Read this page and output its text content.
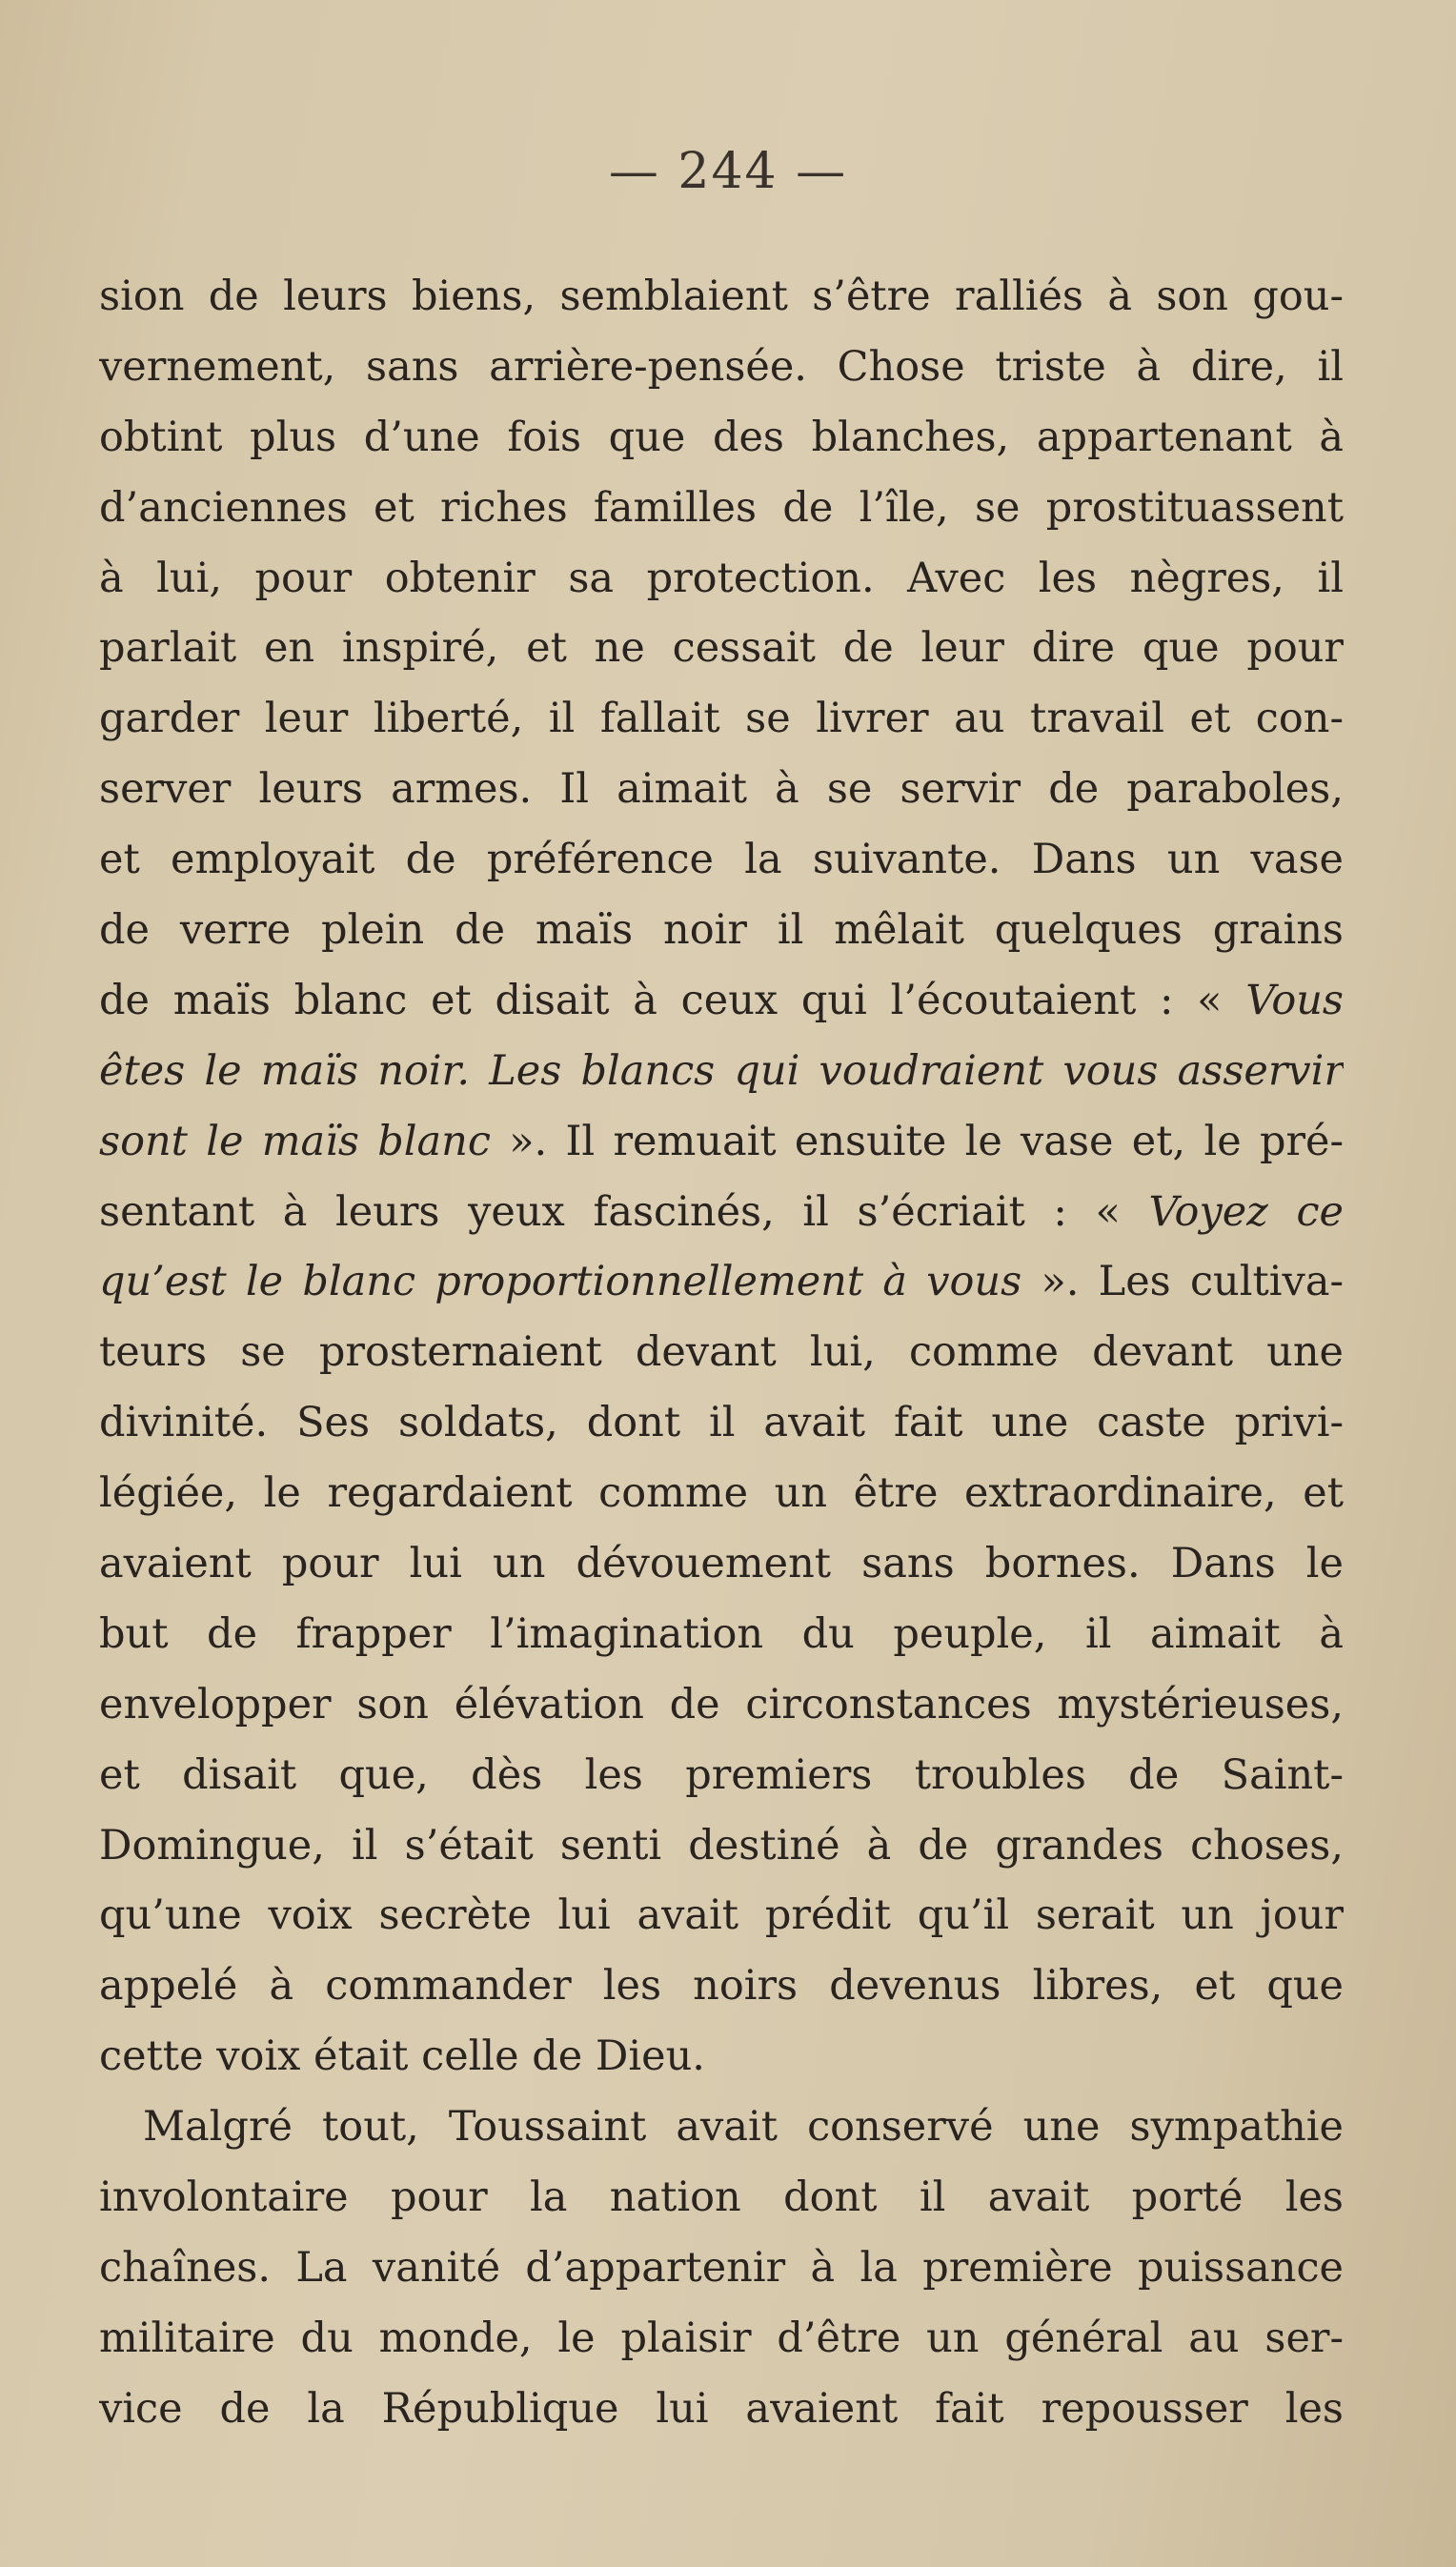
— 244 —
sion de leurs biens, semblaient s’être ralliés à son gou-
vernement, sans arrière-pensée. Chose triste à dire, il
obtint plus d’une fois que des blanches, appartenant à
d’anciennes et riches familles de l’île, se prostituassent
à lui, pour obtenir sa protection. Avec les nègres, il
parlait en inspiré, et ne cessait de leur dire que pour
garder leur liberté, il fallait se livrer au travail et con-
server leurs armes. Il aimait à se servir de paraboles,
et employait de préférence la suivante. Dans un vase
de verre plein de maïs noir il mêlait quelques grains
de maïs blanc et disait à ceux qui l’écoutaient : « Vous
êtes le maïs noir. Les blancs qui voudraient vous asservir
sont le maïs blanc ». Il remuait ensuite le vase et, le pré-
sentant à leurs yeux fascinés, il s’écriait : « Voyez ce
qu’est le blanc proportionnellement à vous ». Les cultiva-
teurs se prosternaient devant lui, comme devant une
divinité. Ses soldats, dont il avait fait une caste privi-
légiée, le regardaient comme un être extraordinaire, et
avaient pour lui un dévouement sans bornes. Dans le
but de frapper l’imagination du peuple, il aimait à
envelopper son élévation de circonstances mystérieuses,
et disait que, dès les premiers troubles de Saint-
Domingue, il s’était senti destiné à de grandes choses,
qu’une voix secrète lui avait prédit qu’il serait un jour
appelé à commander les noirs devenus libres, et que
cette voix était celle de Dieu.
Malgré tout, Toussaint avait conservé une sympathie
involontaire pour la nation dont il avait porté les
chaînes. La vanité d’appartenir à la première puissance
militaire du monde, le plaisir d’être un général au ser-
vice de la République lui avaient fait repousser les
